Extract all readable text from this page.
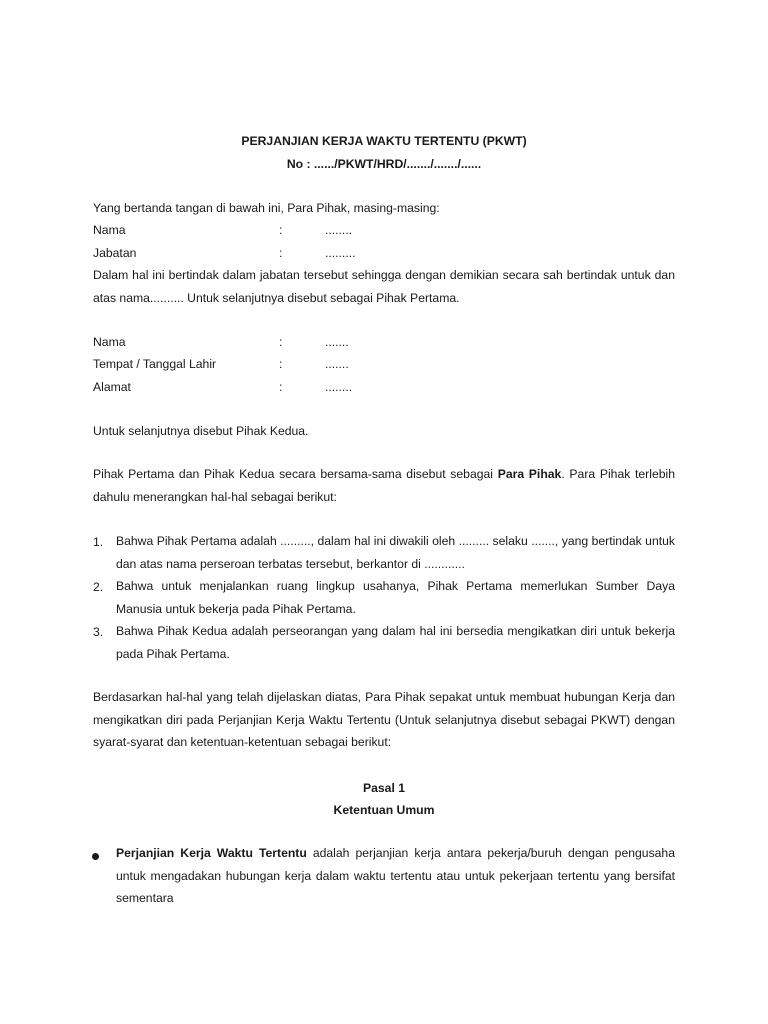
PERJANJIAN KERJA WAKTU TERTENTU (PKWT)
No : ....../PKWT/HRD/......./......./......
Yang bertanda tangan di bawah ini, Para Pihak, masing-masing:
Nama	:	........
Jabatan	:	.........
Dalam hal ini bertindak dalam jabatan tersebut sehingga dengan demikian secara sah bertindak untuk dan atas nama.......... Untuk selanjutnya disebut sebagai Pihak Pertama.
Nama	:	.......
Tempat / Tanggal Lahir	:	.......
Alamat	:	........
Untuk selanjutnya disebut Pihak Kedua.
Pihak Pertama dan Pihak Kedua secara bersama-sama disebut sebagai Para Pihak. Para Pihak terlebih dahulu menerangkan hal-hal sebagai berikut:
1. Bahwa Pihak Pertama adalah ........., dalam hal ini diwakili oleh ......... selaku ......., yang bertindak untuk dan atas nama perseroan terbatas tersebut, berkantor di ............
2. Bahwa untuk menjalankan ruang lingkup usahanya, Pihak Pertama memerlukan Sumber Daya Manusia untuk bekerja pada Pihak Pertama.
3. Bahwa Pihak Kedua adalah perseorangan yang dalam hal ini bersedia mengikatkan diri untuk bekerja pada Pihak Pertama.
Berdasarkan hal-hal yang telah dijelaskan diatas, Para Pihak sepakat untuk membuat hubungan Kerja dan mengikatkan diri pada Perjanjian Kerja Waktu Tertentu (Untuk selanjutnya disebut sebagai PKWT) dengan syarat-syarat dan ketentuan-ketentuan sebagai berikut:
Pasal 1
Ketentuan Umum
Perjanjian Kerja Waktu Tertentu adalah perjanjian kerja antara pekerja/buruh dengan pengusaha untuk mengadakan hubungan kerja dalam waktu tertentu atau untuk pekerjaan tertentu yang bersifat sementara
